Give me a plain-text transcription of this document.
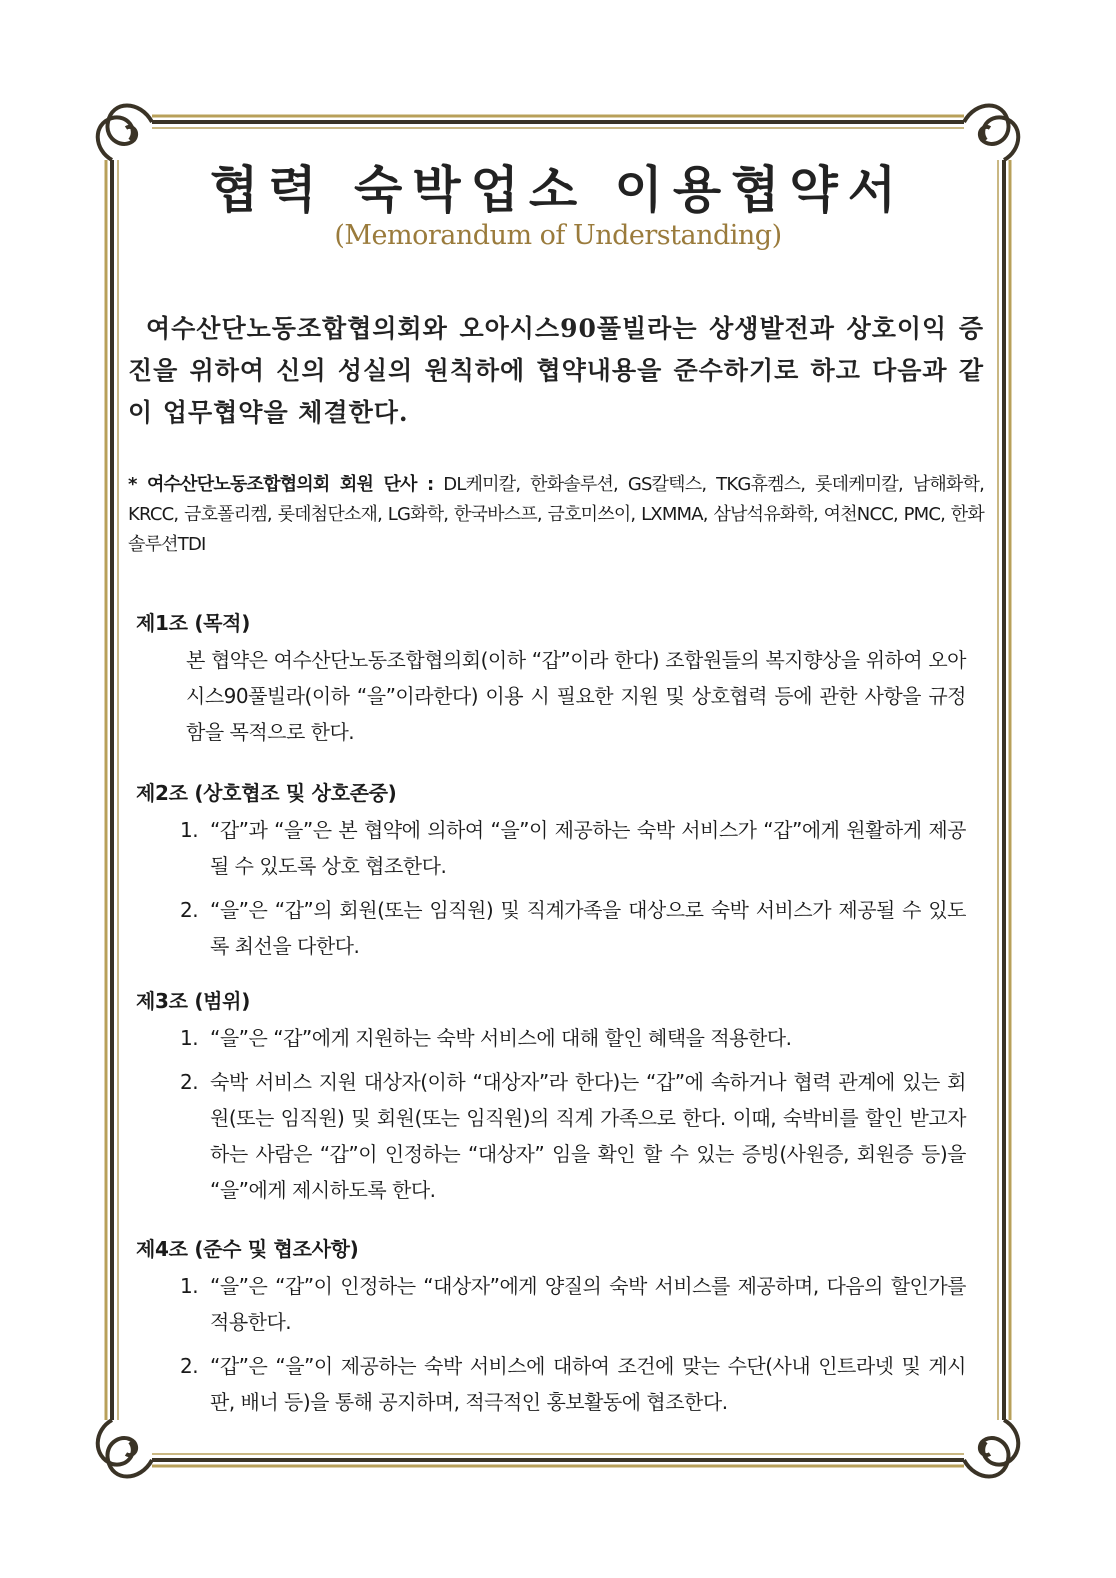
협력 숙박업소 이용협약서
(Memorandum of Understanding)
여수산단노동조합협의회와 오아시스90풀빌라는 상생발전과 상호이익 증진을 위하여 신의 성실의 원칙하에 협약내용을 준수하기로 하고 다음과 같이 업무협약을 체결한다.
* 여수산단노동조합협의회 회원 단사 : DL케미칼, 한화솔루션, GS칼텍스, TKG휴켐스, 롯데케미칼, 남해화학, KRCC, 금호폴리켐, 롯데첨단소재, LG화학, 한국바스프, 금호미쓰이, LXMMA, 삼남석유화학, 여천NCC, PMC, 한화솔루션TDI
제1조 (목적)
본 협약은 여수산단노동조합협의회(이하 “갑”이라 한다) 조합원들의 복지향상을 위하여 오아시스90풀빌라(이하 “을”이라한다) 이용 시 필요한 지원 및 상호협력 등에 관한 사항을 규정함을 목적으로 한다.
제2조 (상호협조 및 상호존중)
1. “갑”과 “을”은 본 협약에 의하여 “을”이 제공하는 숙박 서비스가 “갑”에게 원활하게 제공될 수 있도록 상호 협조한다.
2. “을”은 “갑”의 회원(또는 임직원) 및 직계가족을 대상으로 숙박 서비스가 제공될 수 있도록 최선을 다한다.
제3조 (범위)
1. “을”은 “갑”에게 지원하는 숙박 서비스에 대해 할인 혜택을 적용한다.
2. 숙박 서비스 지원 대상자(이하 “대상자”라 한다)는 “갑”에 속하거나 협력 관계에 있는 회원(또는 임직원) 및 회원(또는 임직원)의 직계 가족으로 한다. 이때, 숙박비를 할인 받고자 하는 사람은 “갑”이 인정하는 “대상자” 임을 확인 할 수 있는 증빙(사원증, 회원증 등)을 “을”에게 제시하도록 한다.
제4조 (준수 및 협조사항)
1. “을”은 “갑”이 인정하는 “대상자”에게 양질의 숙박 서비스를 제공하며, 다음의 할인가를 적용한다.
2. “갑”은 “을”이 제공하는 숙박 서비스에 대하여 조건에 맞는 수단(사내 인트라넷 및 게시판, 배너 등)을 통해 공지하며, 적극적인 홍보활동에 협조한다.
